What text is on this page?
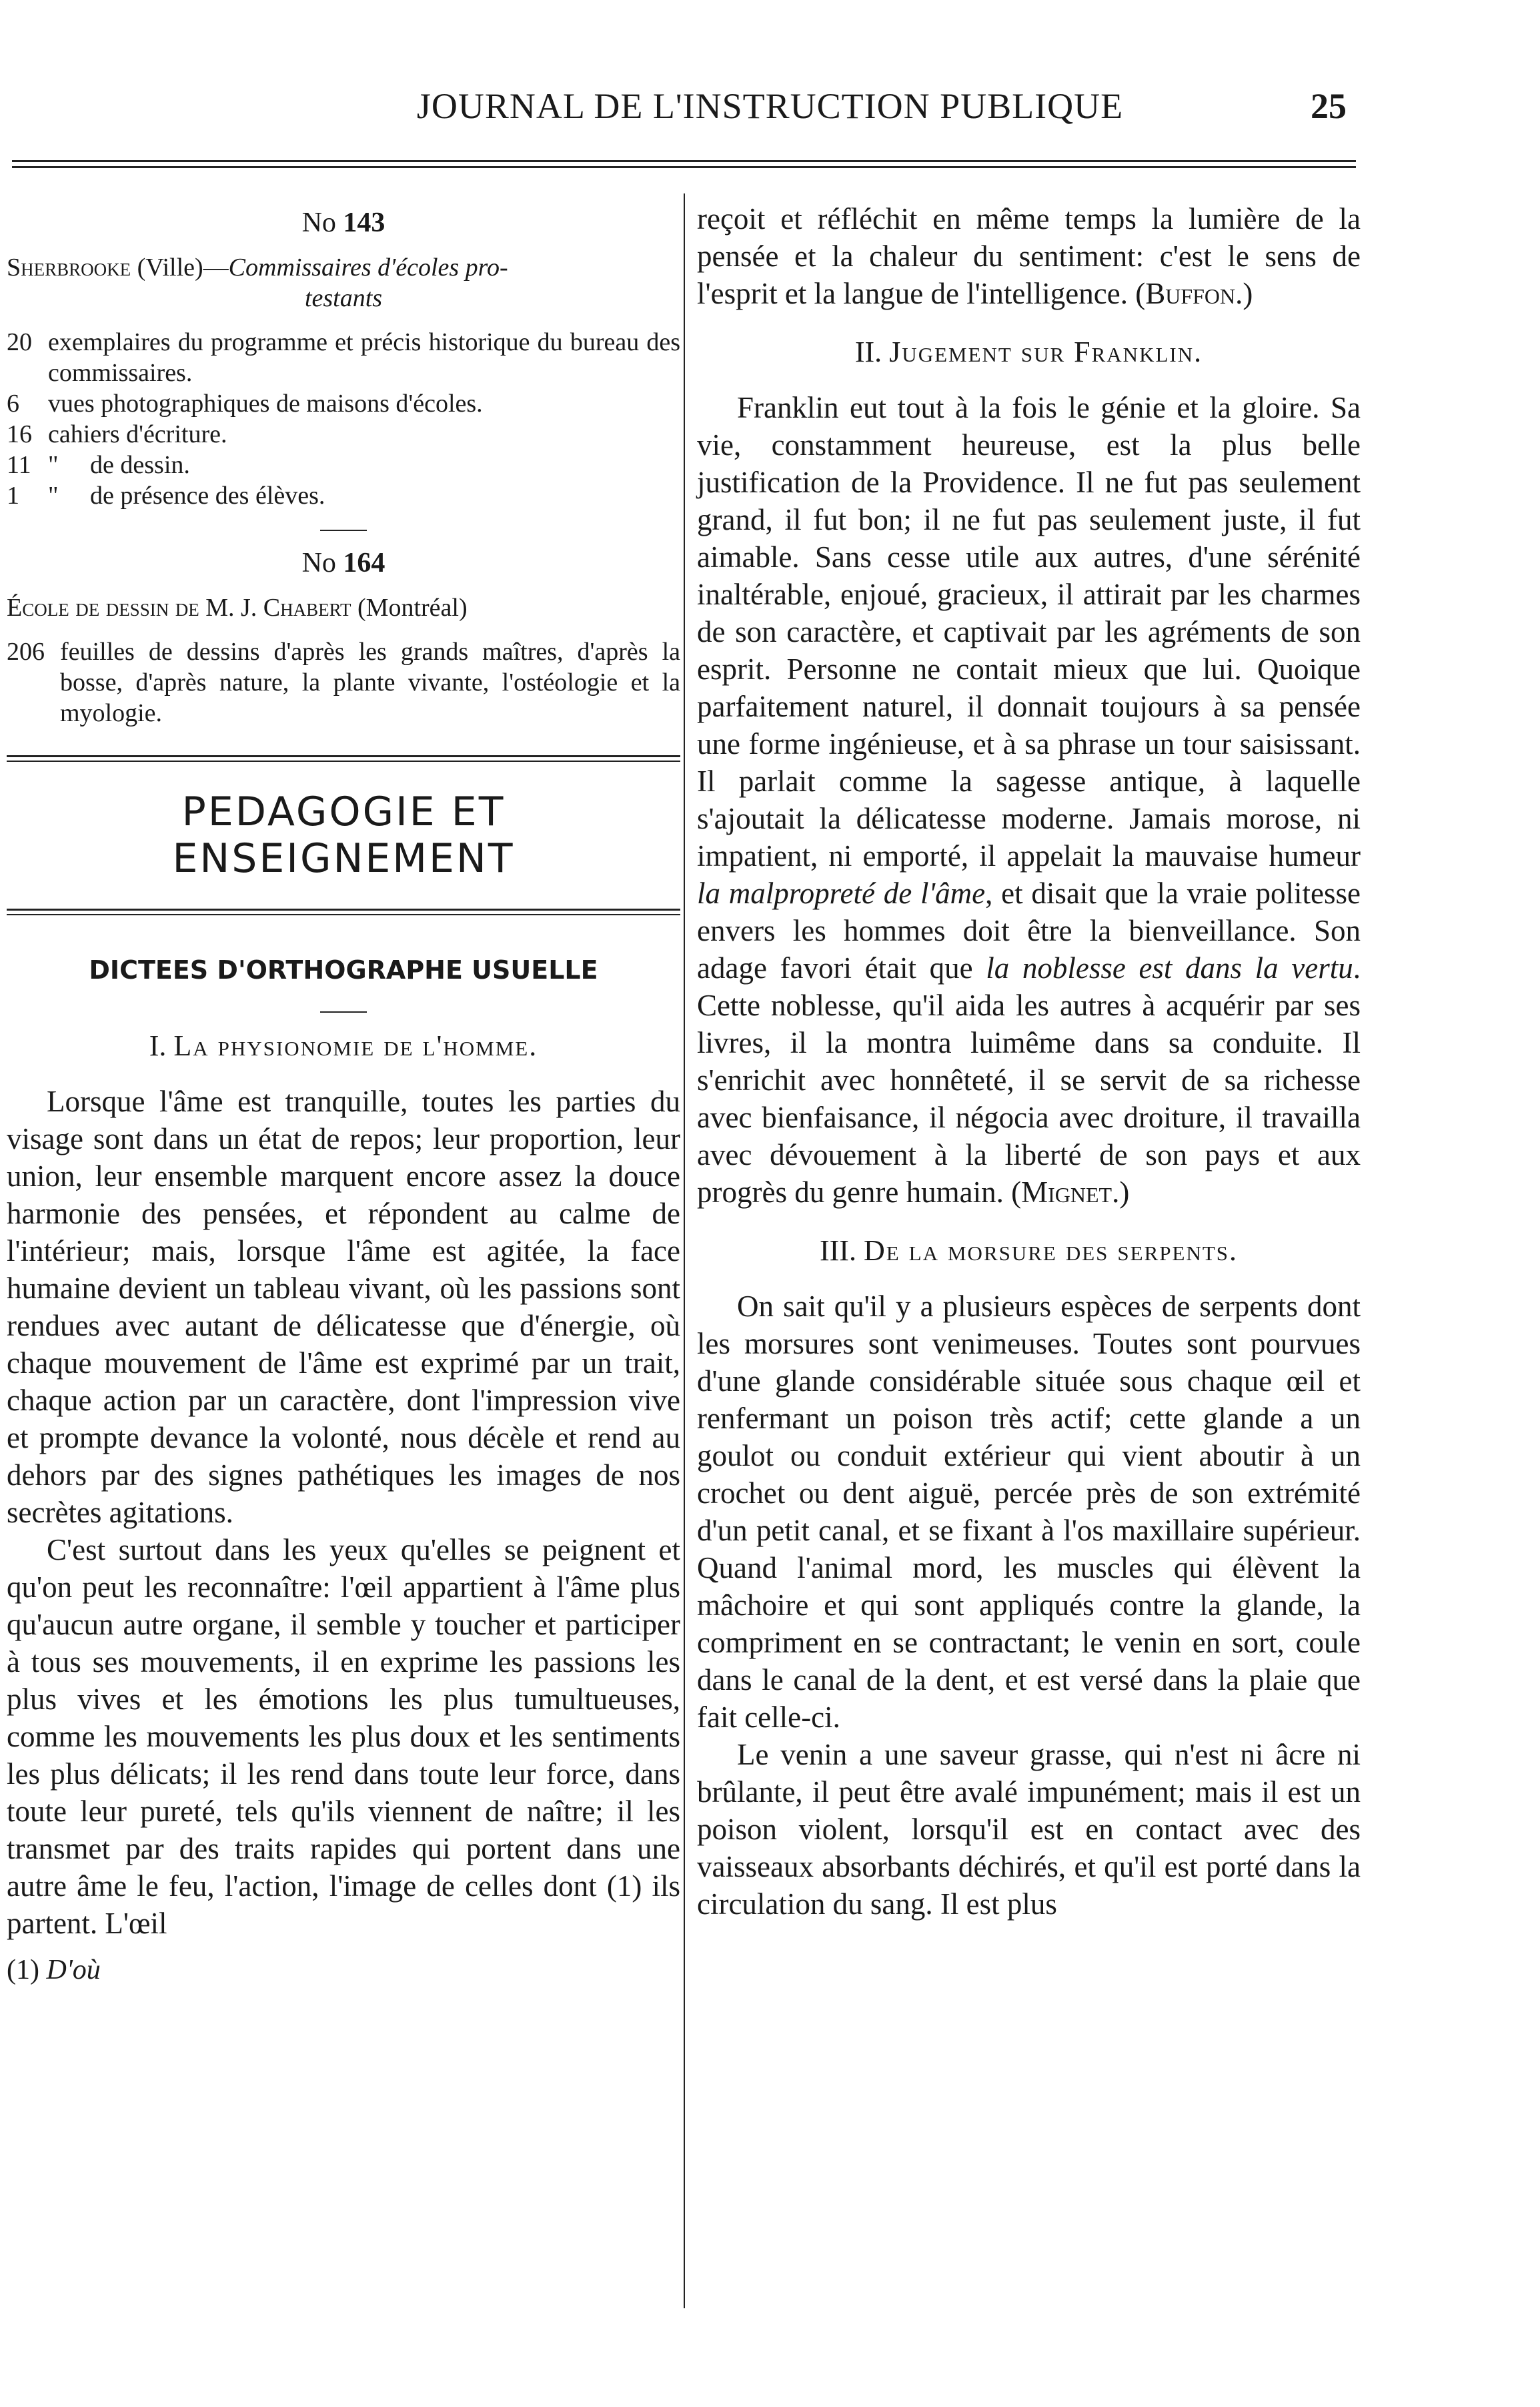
JOURNAL DE L'INSTRUCTION PUBLIQUE	25
No 143

Sherbrooke (Ville)—Commissaires d'écoles pro-
testants

20 exemplaires du programme et précis historique du bureau des commissaires.
6	vues photographiques de maisons d'écoles.
16 cahiers d'écriture.
11 "     de dessin.
1	"     de présence des élèves.
No 164

École de dessin de M. J. Chabert (Montréal)

206 feuilles de dessins d'après les grands maîtres, d'après la bosse, d'après nature, la plante vivante, l'ostéologie et la myologie.
PEDAGOGIE ET ENSEIGNEMENT
DICTEES D'ORTHOGRAPHE USUELLE
I. La physionomie de l'homme.

Lorsque l'âme est tranquille, toutes les parties du visage sont dans un état de repos; leur proportion, leur union, leur ensemble marquent encore assez la douce harmonie des pensées, et répondent au calme de l'intérieur; mais, lorsque l'âme est agitée, la face humaine devient un tableau vivant, où les passions sont rendues avec autant de délicatesse que d'énergie, où chaque mouvement de l'âme est exprimé par un trait, chaque action par un caractère, dont l'impression vive et prompte devance la volonté, nous décèle et rend au dehors par des signes pathétiques les images de nos secrètes agitations.

C'est surtout dans les yeux qu'elles se peignent et qu'on peut les reconnaître: l'œil appartient à l'âme plus qu'aucun autre organe, il semble y toucher et participer à tous ses mouvements, il en exprime les passions les plus vives et les émotions les plus tumultueuses, comme les mouvements les plus doux et les sentiments les plus délicats; il les rend dans toute leur force, dans toute leur pureté, tels qu'ils viennent de naître; il les transmet par des traits rapides qui portent dans une autre âme le feu, l'action, l'image de celles dont (1) ils partent. L'œil

(1) D'où

reçoit et réfléchit en même temps la lumière de la pensée et la chaleur du sentiment: c'est le sens de l'esprit et la langue de l'intelligence. (Buffon.)

II. Jugement sur Franklin.

Franklin eut tout à la fois le génie et la gloire. Sa vie, constamment heureuse, est la plus belle justification de la Providence. Il ne fut pas seulement grand, il fut bon; il ne fut pas seulement juste, il fut aimable. Sans cesse utile aux autres, d'une sérénité inaltérable, enjoué, gracieux, il attirait par les charmes de son caractère, et captivait par les agréments de son esprit. Personne ne contait mieux que lui. Quoique parfaitement naturel, il donnait toujours à sa pensée une forme ingénieuse, et à sa phrase un tour saisissant. Il parlait comme la sagesse antique, à laquelle s'ajoutait la délicatesse moderne. Jamais morose, ni impatient, ni emporté, il appelait la mauvaise humeur la malpropreté de l'âme, et disait que la vraie politesse envers les hommes doit être la bienveillance. Son adage favori était que la noblesse est dans la vertu. Cette noblesse, qu'il aida les autres à acquérir par ses livres, il la montra luimême dans sa conduite. Il s'enrichit avec honnêteté, il se servit de sa richesse avec bienfaisance, il négocia avec droiture, il travailla avec dévouement à la liberté de son pays et aux progrès du genre humain. (Mignet.)

III. De la morsure des serpents.

On sait qu'il y a plusieurs espèces de serpents dont les morsures sont venimeuses. Toutes sont pourvues d'une glande considérable située sous chaque œil et renfermant un poison très actif; cette glande a un goulot ou conduit extérieur qui vient aboutir à un crochet ou dent aiguë, percée près de son extrémité d'un petit canal, et se fixant à l'os maxillaire supérieur. Quand l'animal mord, les muscles qui élèvent la mâchoire et qui sont appliqués contre la glande, la compriment en se contractant; le venin en sort, coule dans le canal de la dent, et est versé dans la plaie que fait celle-ci.

Le venin a une saveur grasse, qui n'est ni âcre ni brûlante, il peut être avalé impunément; mais il est un poison violent, lorsqu'il est en contact avec des vaisseaux absorbants déchirés, et qu'il est porté dans la circulation du sang. Il est plus
